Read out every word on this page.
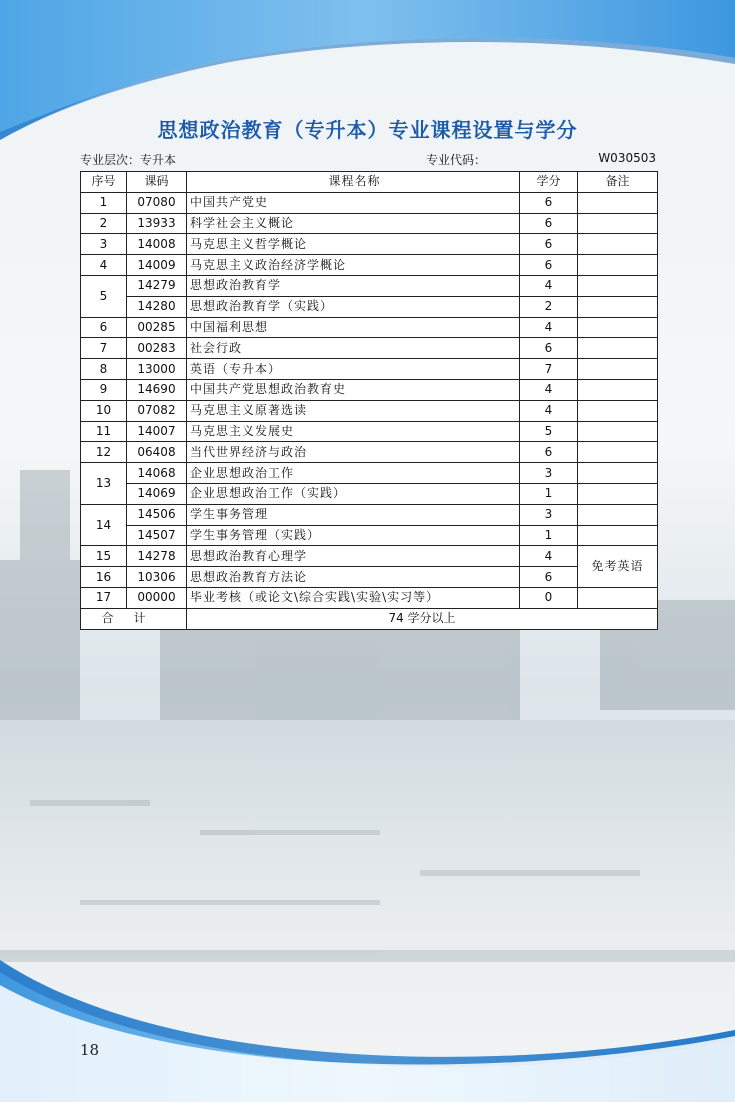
思想政治教育（专升本）专业课程设置与学分
专业层次：专升本	专业代码：	W030503
序号	课码	课程名称	学分	备注
1	07080	中国共产党史	6	
2	13933	科学社会主义概论	6	
3	14008	马克思主义哲学概论	6	
4	14009	马克思主义政治经济学概论	6	
5	14279	思想政治教育学	4	
	14280	思想政治教育学（实践）	2	
6	00285	中国福利思想	4	
7	00283	社会行政	6	
8	13000	英语（专升本）	7	
9	14690	中国共产党思想政治教育史	4	
10	07082	马克思主义原著选读	4	
11	14007	马克思主义发展史	5	
12	06408	当代世界经济与政治	6	
13	14068	企业思想政治工作	3	
	14069	企业思想政治工作（实践）	1	
14	14506	学生事务管理	3	
	14507	学生事务管理（实践）	1	
15	14278	思想政治教育心理学	4	免考英语
16	10306	思想政治教育方法论	6	
17	00000	毕业考核（或论文\综合实践\实验\实习等）	0	
合计		74 学分以上		
18
